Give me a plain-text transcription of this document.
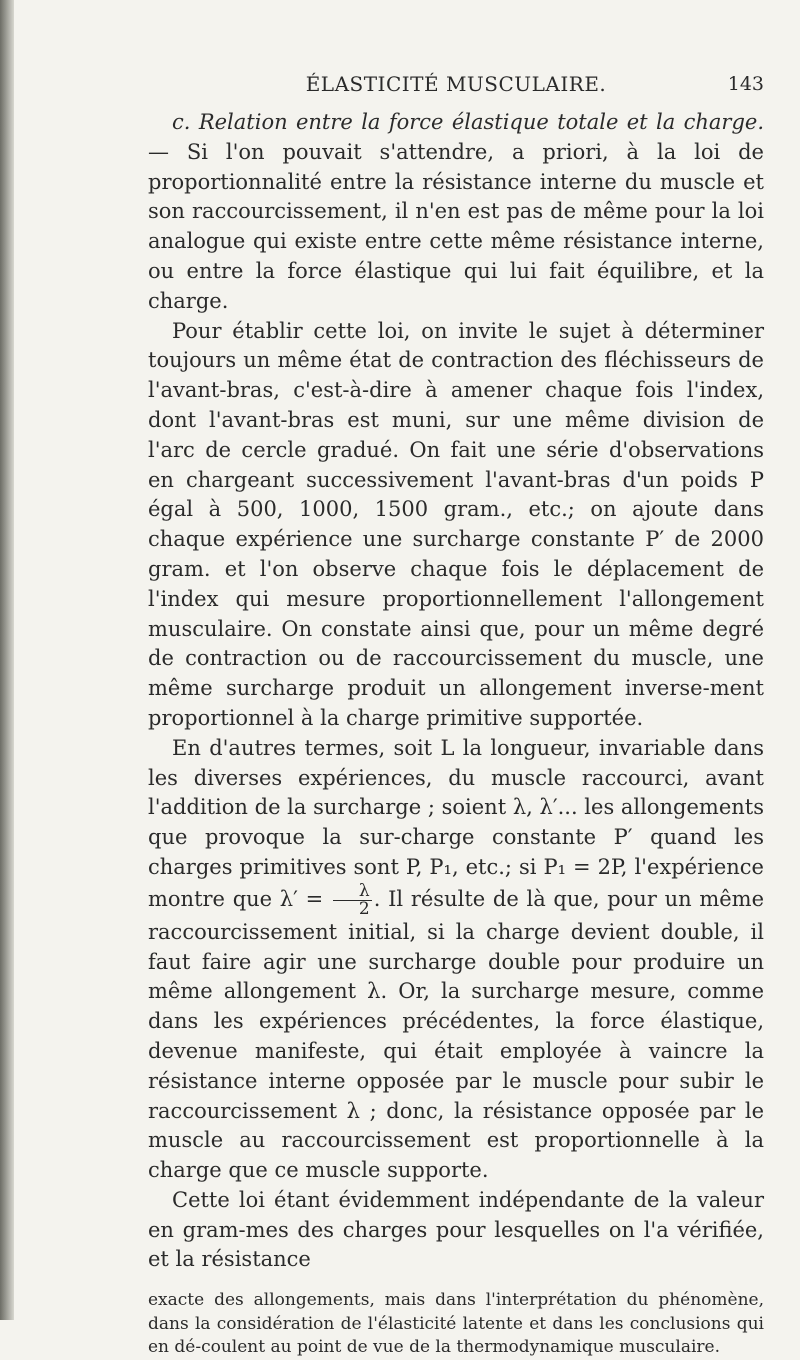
ÉLASTICITÉ MUSCULAIRE.	143

c. Relation entre la force élastique totale et la charge. — Si l'on pouvait s'attendre, a priori, à la loi de proportionnalité entre la résistance interne du muscle et son raccourcissement, il n'en est pas de même pour la loi analogue qui existe entre cette même résistance interne, ou entre la force élastique qui lui fait équilibre, et la charge.

Pour établir cette loi, on invite le sujet à déterminer toujours un même état de contraction des fléchisseurs de l'avant-bras, c'est-à-dire à amener chaque fois l'index, dont l'avant-bras est muni, sur une même division de l'arc de cercle gradué. On fait une série d'observations en chargeant successivement l'avant-bras d'un poids P égal à 500, 1000, 1500 gram., etc.; on ajoute dans chaque expérience une surcharge constante P′ de 2000 gram. et l'on observe chaque fois le déplacement de l'index qui mesure proportionnellement l'allongement musculaire. On constate ainsi que, pour un même degré de contraction ou de raccourcissement du muscle, une même surcharge produit un allongement inverse-ment proportionnel à la charge primitive supportée.

En d'autres termes, soit L la longueur, invariable dans les diverses expériences, du muscle raccourci, avant l'addition de la surcharge ; soient λ, λ′... les allongements que provoque la sur-charge constante P′ quand les charges primitives sont P, P₁, etc.; si P₁ = 2P, l'expérience montre que $\lambda' = \frac{\lambda}{2}$ . Il résulte de là que, pour un même raccourcissement initial, si la charge devient double, il faut faire agir une surcharge double pour produire un même allongement λ. Or, la surcharge mesure, comme dans les expériences précédentes, la force élastique, devenue manifeste, qui était employée à vaincre la résistance interne opposée par le muscle pour subir le raccourcissement λ ; donc, la résistance opposée par le muscle au raccourcissement est proportionnelle à la charge que ce muscle supporte.

Cette loi étant évidemment indépendante de la valeur en gram-mes des charges pour lesquelles on l'a vérifiée, et la résistance

exacte des allongements, mais dans l'interprétation du phénomène, dans la considération de l'élasticité latente et dans les conclusions qui en dé-coulent au point de vue de la thermodynamique musculaire.
